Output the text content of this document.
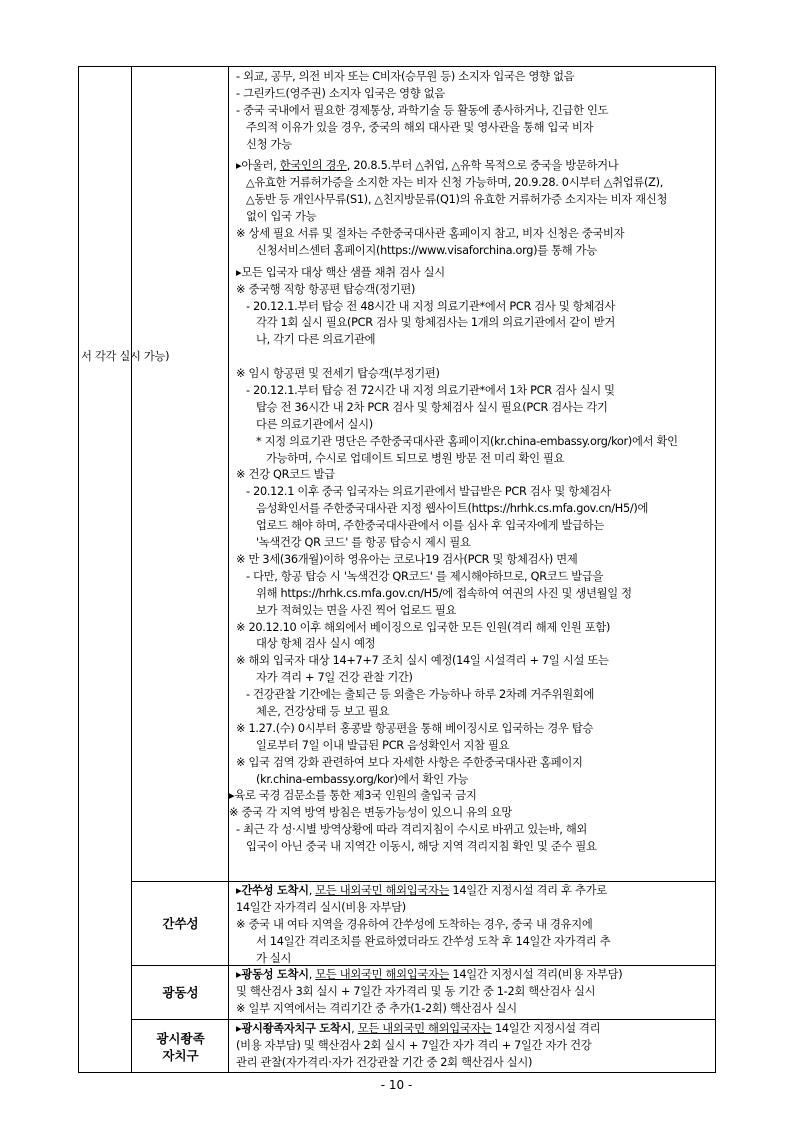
- 외교, 공무, 의전 비자 또는 C비자(승무원 등) 소지자 입국은 영향 없음
- 그린카드(영주권) 소지자 입국은 영향 없음
- 중국 국내에서 필요한 경제통상, 과학기술 등 활동에 종사하거나, 긴급한 인도
주의적 이유가 있을 경우, 중국의 해외 대사관 및 영사관을 통해 입국 비자
신청 가능
▸아울러, 한국인의 경우, 20.8.5.부터 △취업, △유학 목적으로 중국을 방문하거나
△유효한 거류허가증을 소지한 자는 비자 신청 가능하며, 20.9.28. 0시부터 △취업류(Z),
△동반 등 개인사무류(S1), △친지방문류(Q1)의 유효한 거류허가증 소지자는 비자 재신청
없이 입국 가능
※ 상세 필요 서류 및 절차는 주한중국대사관 홈페이지 참고, 비자 신청은 중국비자
신청서비스센터 홈페이지(https://www.visaforchina.org)를 통해 가능
▸모든 입국자 대상 핵산 샘플 채취 검사 실시
※ 중국행 직항 항공편 탑승객(정기편)
- 20.12.1.부터 탑승 전 48시간 내 지정 의료기관*에서 PCR 검사 및 항체검사
각각 1회 실시 필요(PCR 검사 및 항체검사는 1개의 의료기관에서 같이 받거
나, 각기 다른 의료기관에
서 각각 실시 가능)
※ 임시 항공편 및 전세기 탑승객(부정기편)
- 20.12.1.부터 탑승 전 72시간 내 지정 의료기관*에서 1차 PCR 검사 실시 및
탑승 전 36시간 내 2차 PCR 검사 및 항체검사 실시 필요(PCR 검사는 각기
다른 의료기관에서 실시)
* 지정 의료기관 명단은 주한중국대사관 홈페이지(kr.china-embassy.org/kor)에서 확인
가능하며, 수시로 업데이트 되므로 병원 방문 전 미리 확인 필요
※ 건강 QR코드 발급
- 20.12.1 이후 중국 입국자는 의료기관에서 발급받은 PCR 검사 및 항체검사
음성확인서를 주한중국대사관 지정 웹사이트(https://hrhk.cs.mfa.gov.cn/H5/)에
업로드 해야 하며, 주한중국대사관에서 이를 심사 후 입국자에게 발급하는
'녹색건강 QR 코드' 를 항공 탑승시 제시 필요
※ 만 3세(36개월)이하 영유아는 코로나19 검사(PCR 및 항체검사) 면제
- 다만, 항공 탑승 시 '녹색건강 QR코드' 를 제시해야하므로, QR코드 발급을
위해 https://hrhk.cs.mfa.gov.cn/H5/에 접속하여 여권의 사진 및 생년월일 정
보가 적혀있는 면을 사진 찍어 업로드 필요
※ 20.12.10 이후 해외에서 베이징으로 입국한 모든 인원(격리 해제 인원 포함)
대상 항체 검사 실시 예정
※ 해외 입국자 대상 14+7+7 조치 실시 예정(14일 시설격리 + 7일 시설 또는
자가 격리 + 7일 건강 관찰 기간)
- 건강관찰 기간에는 출퇴근 등 외출은 가능하나 하루 2차례 거주위원회에
체온, 건강상태 등 보고 필요
※ 1.27.(수) 0시부터 홍콩발 항공편을 통해 베이징시로 입국하는 경우 탑승
일로부터 7일 이내 발급된 PCR 음성확인서 지참 필요
※ 입국 검역 강화 관련하여 보다 자세한 사항은 주한중국대사관 홈페이지
(kr.china-embassy.org/kor)에서 확인 가능
▸육로 국경 검문소를 통한 제3국 인원의 출입국 금지
※ 중국 각 지역 방역 방침은 변동가능성이 있으니 유의 요망
- 최근 각 성·시별 방역상황에 따라 격리지침이 수시로 바뀌고 있는바, 해외
입국이 아닌 중국 내 지역간 이동시, 해당 지역 격리지침 확인 및 준수 필요
간쑤성
▸간쑤성 도착시, 모든 내외국민 해외입국자는 14일간 지정시설 격리 후 추가로
14일간 자가격리 실시(비용 자부담)
※ 중국 내 여타 지역을 경유하여 간쑤성에 도착하는 경우, 중국 내 경유지에
서 14일간 격리조치를 완료하였더라도 간쑤성 도착 후 14일간 자가격리 추
가 실시
광동성
▸광동성 도착시, 모든 내외국민 해외입국자는 14일간 지정시설 격리(비용 자부담)
및 핵산검사 3회 실시 + 7일간 자가격리 및 동 기간 중 1-2회 핵산검사 실시
※ 일부 지역에서는 격리기간 중 추가(1-2회) 핵산검사 실시
광시좡족
자치구
▸광시좡족자치구 도착시, 모든 내외국민 해외입국자는 14일간 지정시설 격리
(비용 자부담) 및 핵산검사 2회 실시 + 7일간 자가 격리 + 7일간 자가 건강
관리 관찰(자가격리·자가 건강관찰 기간 중 2회 핵산검사 실시)
- 10 -
